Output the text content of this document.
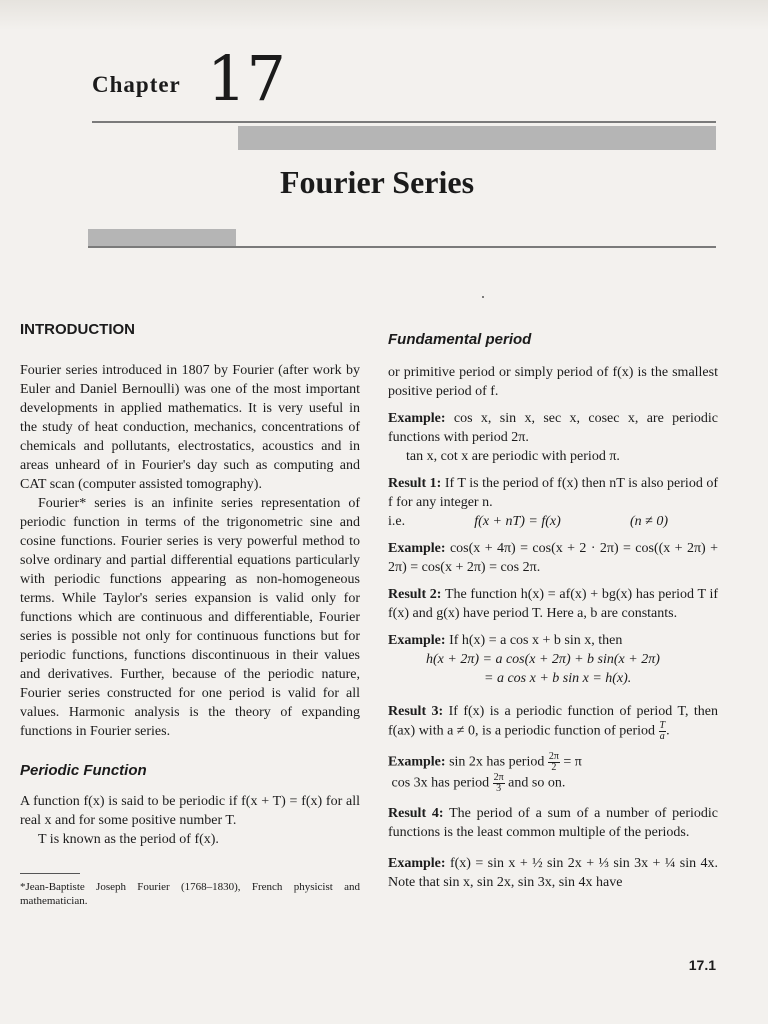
Chapter 17
Fourier Series
INTRODUCTION

Fourier series introduced in 1807 by Fourier (after work by Euler and Daniel Bernoulli) was one of the most important developments in applied mathematics. It is very useful in the study of heat conduction, mechanics, concentrations of chemicals and pollutants, electrostatics, acoustics and in areas unheard of in Fourier's day such as computing and CAT scan (computer assisted tomography).

Fourier* series is an infinite series representation of periodic function in terms of the trigonometric sine and cosine functions. Fourier series is very powerful method to solve ordinary and partial differential equations particularly with periodic functions appearing as non-homogeneous terms. While Taylor's series expansion is valid only for functions which are continuous and differentiable, Fourier series is possible not only for continuous functions but for periodic functions, functions discontinuous in their values and derivatives. Further, because of the periodic nature, Fourier series constructed for one period is valid for all values. Harmonic analysis is the theory of expanding functions in Fourier series.

Periodic Function

A function f(x) is said to be periodic if f(x + T) = f(x) for all real x and for some positive number T.

T is known as the period of f(x).

*Jean-Baptiste Joseph Fourier (1768–1830), French physicist and mathematician.

Fundamental period

or primitive period or simply period of f(x) is the smallest positive period of f.

Example: cos x, sin x, sec x, cosec x, are periodic functions with period 2π.

tan x, cot x are periodic with period π.

Result 1: If T is the period of f(x) then nT is also period of f for any integer n.

i.e.	f(x + nT) = f(x)	(n ≠ 0)

Example: cos(x + 4π) = cos(x + 2 · 2π) = cos((x + 2π) + 2π) = cos(x + 2π) = cos 2π.

Result 2: The function h(x) = af(x) + bg(x) has period T if f(x) and g(x) have period T. Here a, b are constants.

Example: If h(x) = a cos x + b sin x, then

h(x + 2π) = a cos(x + 2π) + b sin(x + 2π)
= a cos x + b sin x = h(x).

Result 3: If f(x) is a periodic function of period T, then f(ax) with a ≠ 0, is a periodic function of period $\frac{T}{a}$ .

Example: sin 2x has period $\frac{2\pi}{2} = \pi$

cos 3x has period $\frac{2\pi}{3}$ and so on.

Result 4: The period of a sum of a number of periodic functions is the least common multiple of the periods.

Example: f(x) = sin x + ½ sin 2x + ⅓ sin 3x + ¼ sin 4x. Note that sin x, sin 2x, sin 3x, sin 4x have

17.1
